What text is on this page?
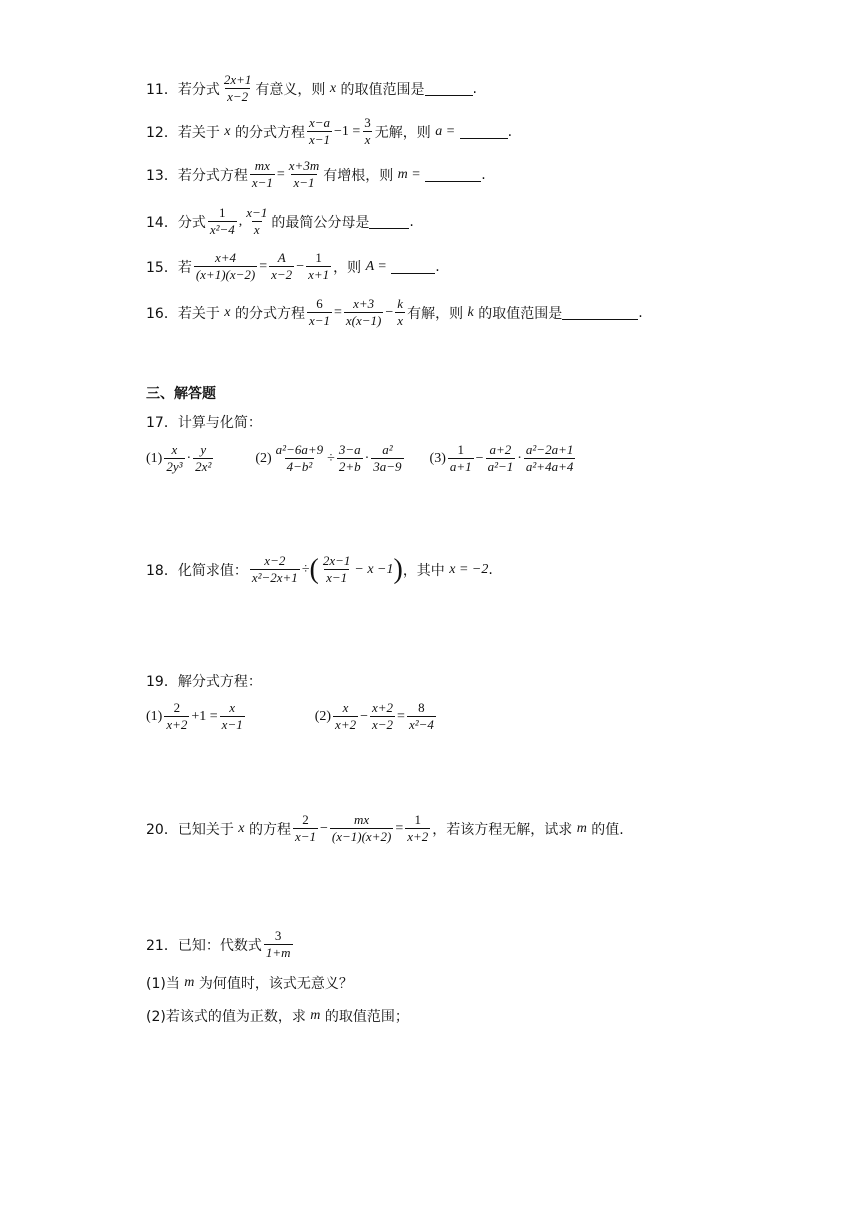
11． 若分式 $\frac{2x+1}{x-2}$ 有意义，则
x
的取值范围是	.
12． 若关于
x
的分式方程 $\frac{x-a}{x-1} -1 = \frac{3}{x}$ 无解，则
a =
	.
13． 若分式方程 $\frac{mx}{x-1} = \frac{x+3m}{x-1}$ 有增根，则
m =
	.
14． 分式 $\frac{1}{\text{x²−4}}$ , $\frac{x-1}{x}$ 的最简公分母是	.
15． 若 $\frac{x+4}{(x+1)(x-2)} = \frac{A}{x-2} - \frac{1}{x+1}$ ，则
A =
	.
16． 若关于
x
的分式方程 $\frac{6}{x-1} = \frac{x+3}{x(x-1)} - \frac{k}{x}$ 有解，则
k
的取值范围是	.
三、解答题
17．计算与化简：
$(1) \frac{x}{\text{2y³}} \cdot \frac{y}{\text{2x²}}$	$(2) \frac{\text{a²−6a+9}}{\text{4−b²}} \div \frac{3-a}{2+b} \cdot \frac{\text{a²}}{3a-9} (3) \frac{1}{a+1} - \frac{a+2}{\text{a²−1}} \cdot \frac{\text{a²−2a+1}}{\text{a²+4a+4}}$
18．化简求值： $\frac{x-2}{\text{x²−2x+1}}$ ÷ ( $\frac{2x-1}{x-1} - x -1$ ) ，其中
x = −2 .
19．解分式方程：
$(1) \frac{2}{x+2} +1 = \frac{x}{x-1}$	$(2) \frac{x}{x+2} - \frac{x+2}{x-2} = \frac{8}{\text{x²−4}}$
20．已知关于
x
的方程 $\frac{2}{x-1} - \frac{mx}{(x-1)(x+2)} = \frac{1}{x+2}$ ，若该方程无解，试求
m
的值.
21．已知：代数式 $\frac{3}{1+m}$
(1)当
m
为何值时，该式无意义？
(2)若该式的值为正数，求
m
的取值范围；
